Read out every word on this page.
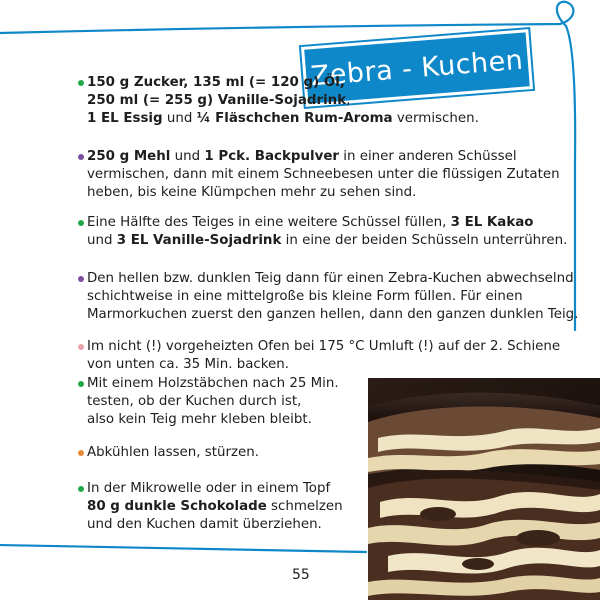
Zebra - Kuchen
150 g Zucker, 135 ml (= 120 g) Öl,
250 ml (= 255 g) Vanille-Sojadrink,
1 EL Essig und ¼ Fläschchen Rum-Aroma vermischen.
250 g Mehl und 1 Pck. Backpulver in einer anderen Schüssel
vermischen, dann mit einem Schneebesen unter die flüssigen Zutaten
heben, bis keine Klümpchen mehr zu sehen sind.
Eine Hälfte des Teiges in eine weitere Schüssel füllen, 3 EL Kakao
und 3 EL Vanille-Sojadrink in eine der beiden Schüsseln unterrühren.
Den hellen bzw. dunklen Teig dann für einen Zebra-Kuchen abwechselnd
schichtweise in eine mittelgroße bis kleine Form füllen. Für einen
Marmorkuchen zuerst den ganzen hellen, dann den ganzen dunklen Teig.
Im nicht (!) vorgeheizten Ofen bei 175 °C Umluft (!) auf der 2. Schiene
von unten ca. 35 Min. backen.
Mit einem Holzstäbchen nach 25 Min.
testen, ob der Kuchen durch ist,
also kein Teig mehr kleben bleibt.
Abkühlen lassen, stürzen.
In der Mikrowelle oder in einem Topf
80 g dunkle Schokolade schmelzen
und den Kuchen damit überziehen.
55
